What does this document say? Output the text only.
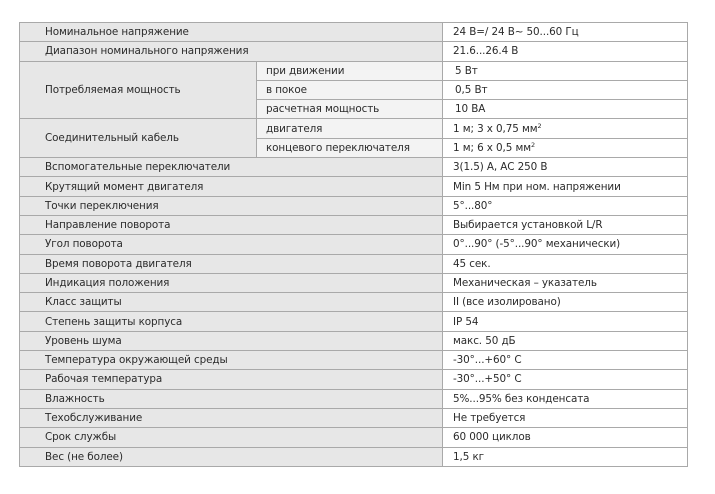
Номинальное напряжение		24 В=/ 24 В~ 50...60 Гц
Диапазон номинального напряжения		21.6...26.4 В
Потребляемая мощность	при движении	5 Вт
	в покое	0,5 Вт
	расчетная мощность	10 ВА
Соединительный кабель	двигателя	1 м; 3 x 0,75 $мм^2$
	концевого переключателя	1 м; 6 x 0,5 $мм^2$
Вспомогательные переключатели		3(1.5) А, АС 250 В
Крутящий момент двигателя		Min 5 Нм при ном. напряжении
Точки переключения		5°...80°
Направление поворота		Выбирается установкой L/R
Угол поворота		0°...90° (-5°...90° механически)
Время поворота двигателя		45 сек.
Индикация положения		Механическая – указатель
Класс защиты		II (все изолировано)
Степень защиты корпуса		IP 54
Уровень шума		макс. 50 дБ
Температура окружающей среды		-30°...+60° С
Рабочая температура		-30°...+50° С
Влажность		5%...95% без конденсата
Техобслуживание		Не требуется
Срок службы		60 000 циклов
Вес (не более)		1,5 кг
